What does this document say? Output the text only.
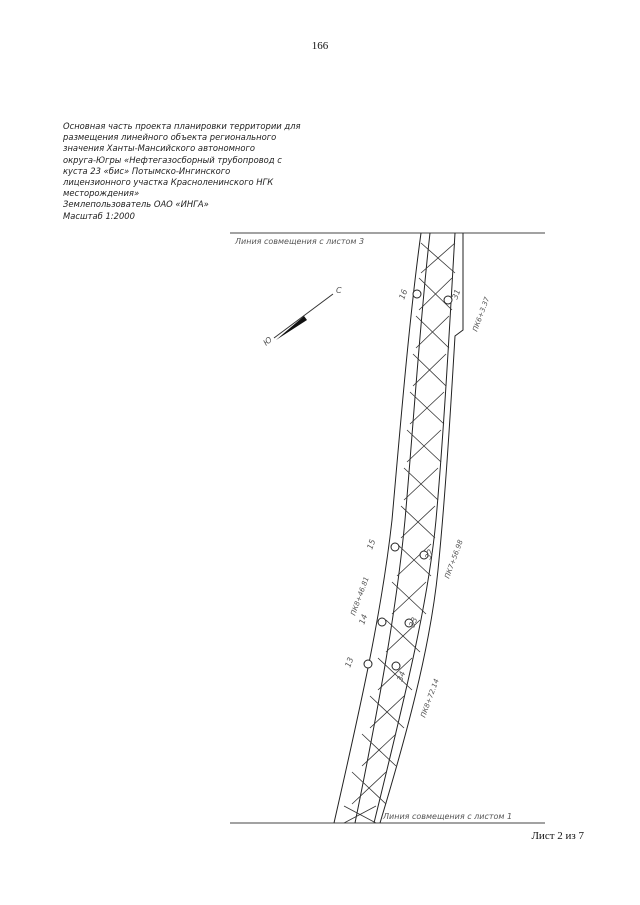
166
Основная часть проекта планировки территории для
размещения линейного объекта регионального
значения Ханты-Мансийского автономного
округа-Югры «Нефтегазосборный трубопровод с
куста 23 «бис» Потымско-Ингинского
лицензионного участка Красноленинского НГК
месторождения»
Землепользователь ОАО «ИНГА»
Масштаб 1:2000
Линия совмещения с листом 3
Линия совмещения с листом 1
С
Ю
16	31
15
32
14	33
13
34
ПК6+3.37
ПК7+56.98
ПК8+46.81
ПК8+72.14
Лист 2 из 7
